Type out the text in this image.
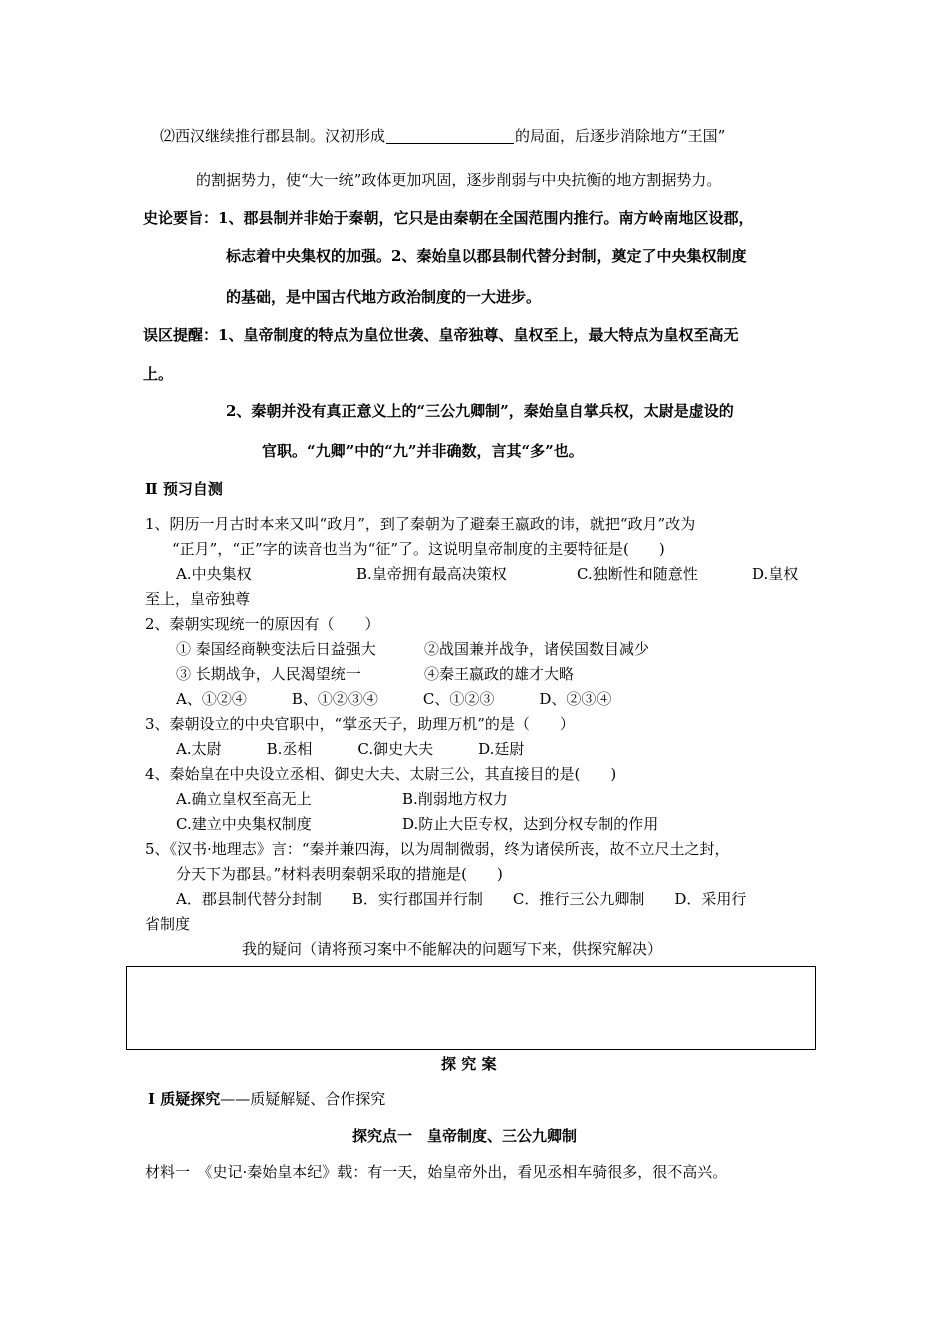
⑵西汉继续推行郡县制。汉初形成	的局面，后逐步消除地方“王国”
的割据势力，使“大一统”政体更加巩固，逐步削弱与中央抗衡的地方割据势力。
史论要旨：1、郡县制并非始于秦朝，它只是由秦朝在全国范围内推行。南方岭南地区设郡，
标志着中央集权的加强。2、秦始皇以郡县制代替分封制，奠定了中央集权制度
的基础，是中国古代地方政治制度的一大进步。
误区提醒：1、皇帝制度的特点为皇位世袭、皇帝独尊、皇权至上，最大特点为皇权至高无
上。
2、秦朝并没有真正意义上的“三公九卿制”，秦始皇自掌兵权，太尉是虚设的
官职。“九卿”中的“九”并非确数，言其“多”也。
Ⅱ 预习自测
1、阴历一月古时本来又叫“政月”，到了秦朝为了避秦王嬴政的讳，就把“政月”改为
“正月”，“正”字的读音也当为“征”了。这说明皇帝制度的主要特征是(　　)
A.中央集权	B.皇帝拥有最高决策权	C.独断性和随意性	D.皇权
至上，皇帝独尊
2、秦朝实现统一的原因有（　　）
① 秦国经商鞅变法后日益强大	②战国兼并战争，诸侯国数目减少
③ 长期战争，人民渴望统一	④秦王嬴政的雄才大略
A、①②④　　　B、①②③④　　　C、①②③　　　D、②③④
3、秦朝设立的中央官职中，“掌丞天子，助理万机”的是（　　）
A.太尉　　　B.丞相　　　C.御史大夫　　　D.廷尉
4、秦始皇在中央设立丞相、御史大夫、太尉三公，其直接目的是(　　)
A.确立皇权至高无上	B.削弱地方权力
C.建立中央集权制度	D.防止大臣专权，达到分权专制的作用
5、《汉书·地理志》言：“秦并兼四海，以为周制微弱，终为诸侯所丧，故不立尺土之封，
分天下为郡县。”材料表明秦朝采取的措施是(　　)
A．郡县制代替分封制　　B．实行郡国并行制　　C．推行三公九卿制　　D．采用行
省制度
我的疑问（请将预习案中不能解决的问题写下来，供探究解决）
探 究 案
Ⅰ 质疑探究——质疑解疑、合作探究
探究点一　皇帝制度、三公九卿制
材料一　《史记·秦始皇本纪》载：有一天，始皇帝外出，看见丞相车骑很多，很不高兴。
